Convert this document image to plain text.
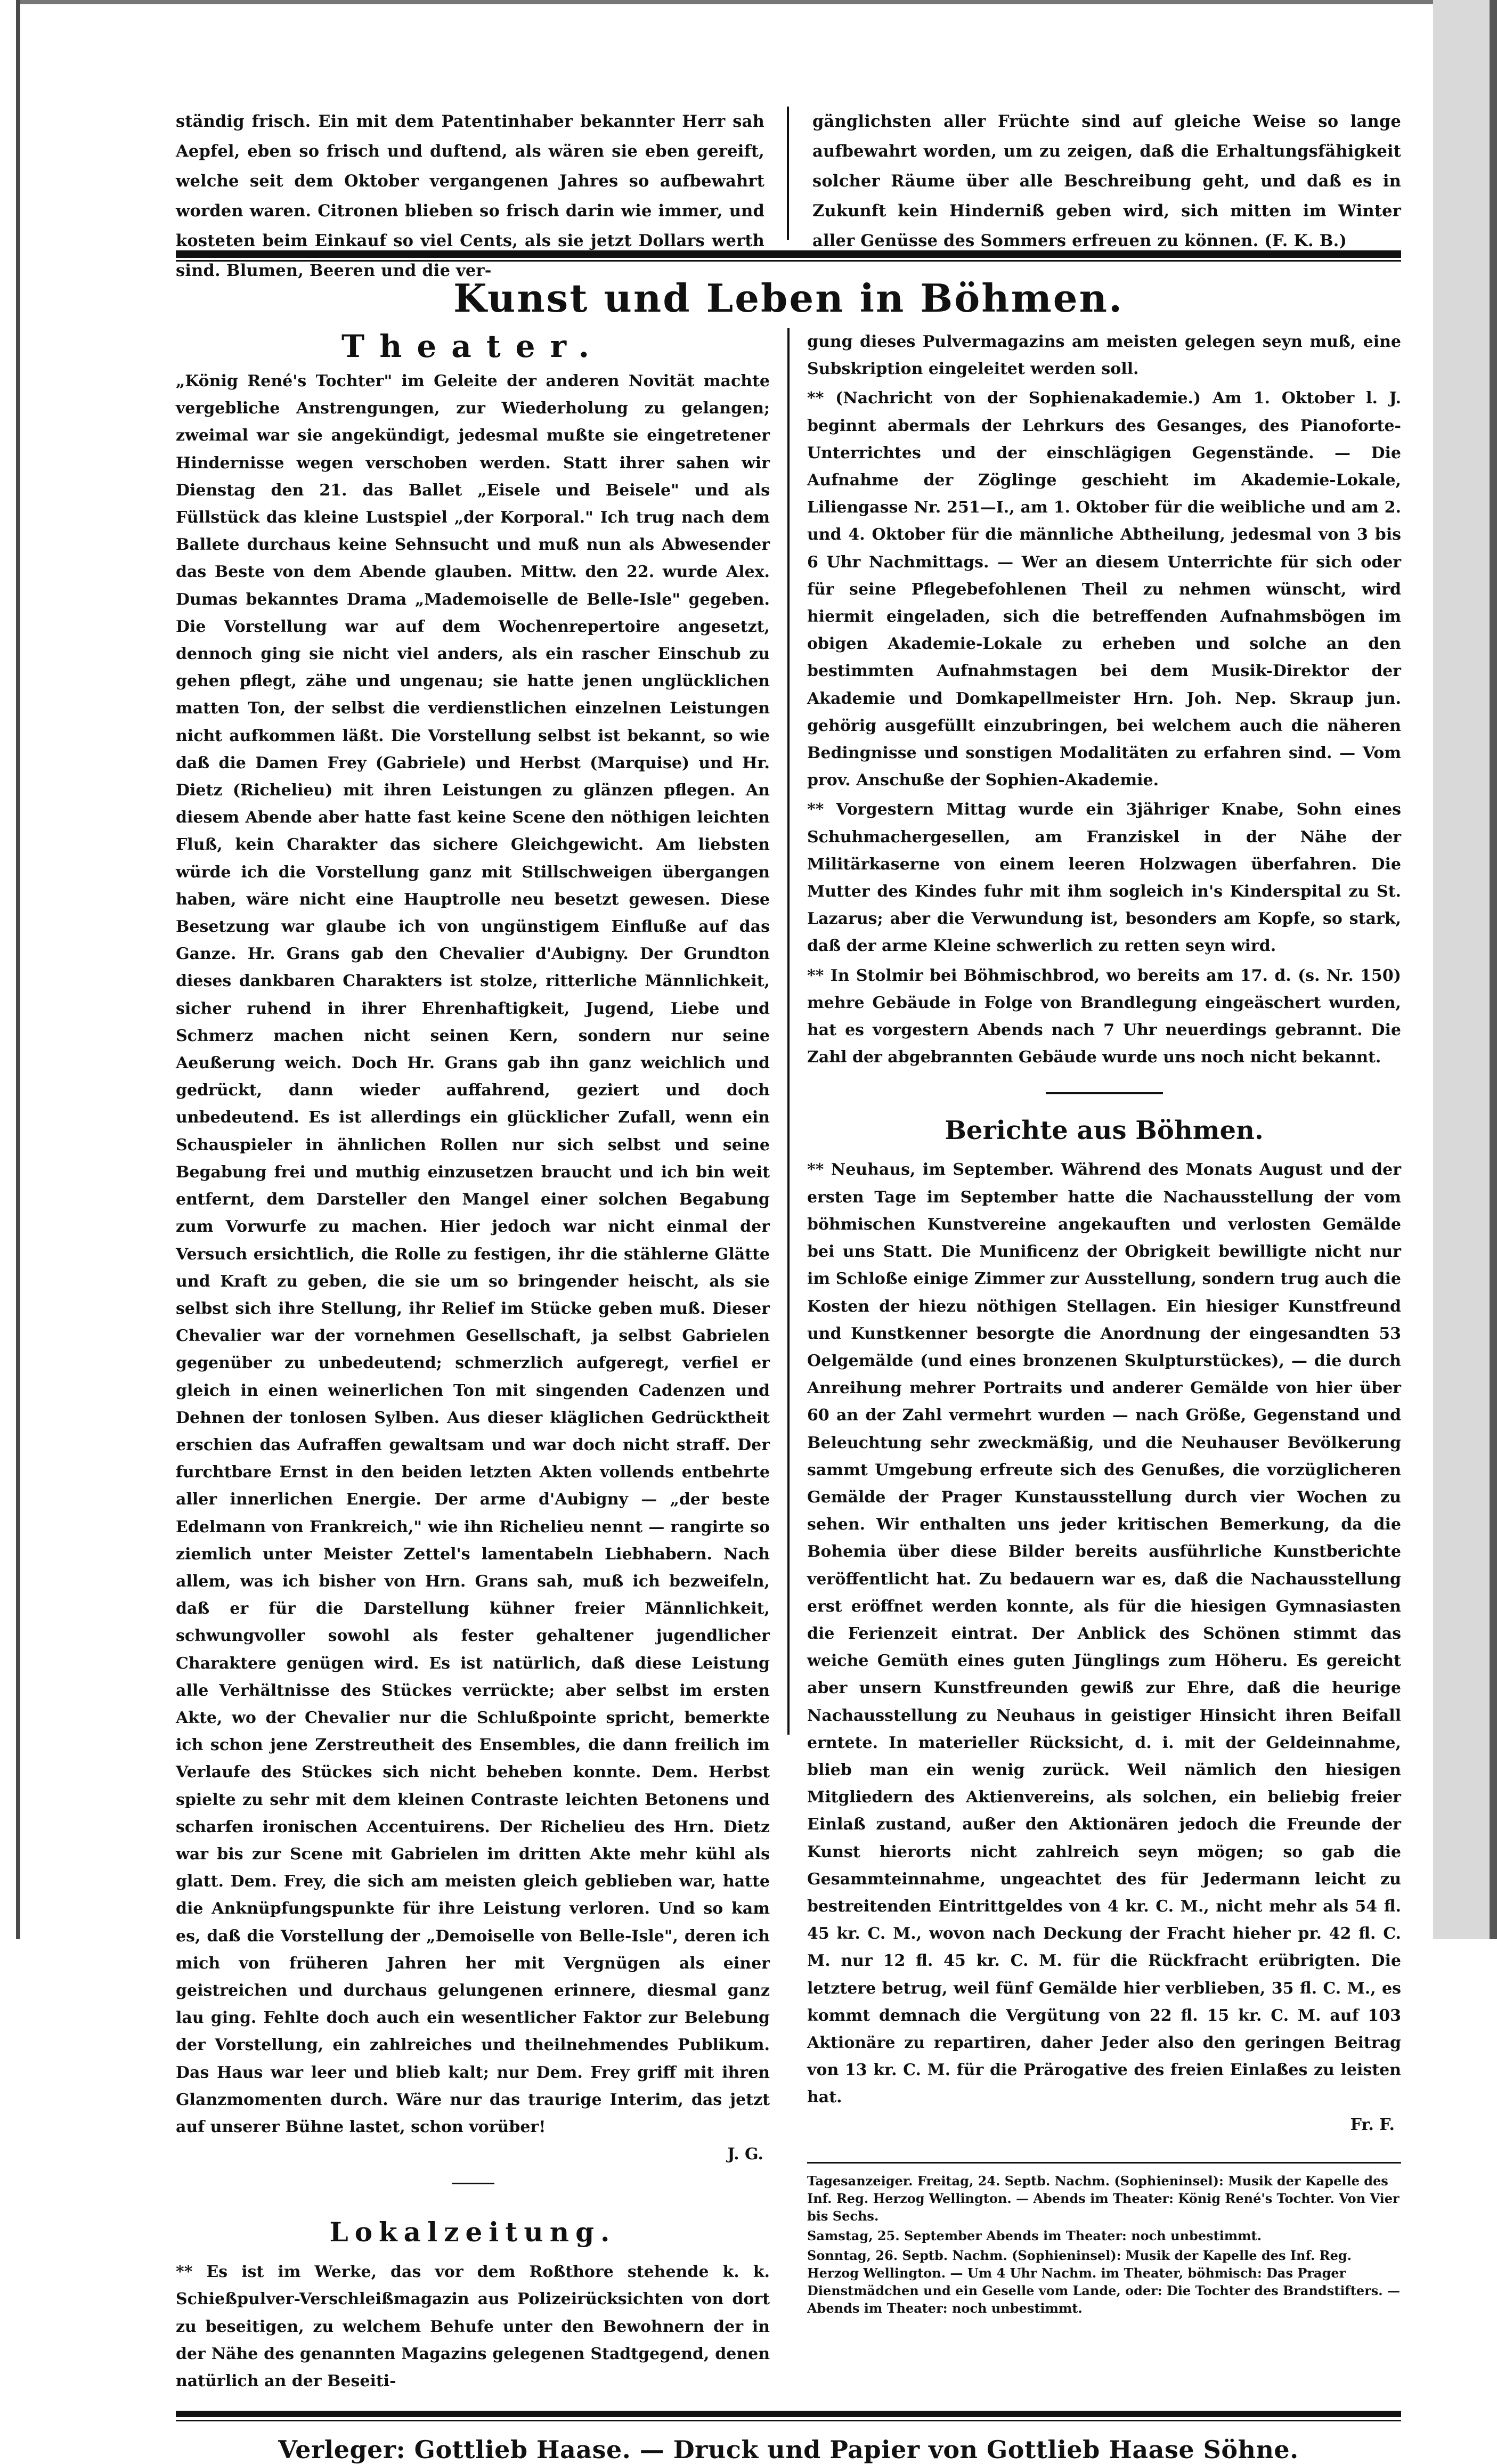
ständig frisch. Ein mit dem Patentinhaber bekannter Herr sah Aepfel, eben so frisch und duftend, als wären sie eben gereift, welche seit dem Oktober vergangenen Jahres so aufbewahrt worden waren. Citronen blieben so frisch darin wie immer, und kosteten beim Einkauf so viel Cents, als sie jetzt Dollars werth sind. Blumen, Beeren und die ver-
gänglichsten aller Früchte sind auf gleiche Weise so lange aufbewahrt worden, um zu zeigen, daß die Erhaltungsfähigkeit solcher Räume über alle Beschreibung geht, und daß es in Zukunft kein Hinderniß geben wird, sich mitten im Winter aller Genüsse des Sommers erfreuen zu können. (F. K. B.)
Kunst und Leben in Böhmen.
Theater.

„König René's Tochter" im Geleite der anderen Novität machte vergebliche Anstrengungen, zur Wiederholung zu gelangen; zweimal war sie angekündigt, jedesmal mußte sie eingetretener Hindernisse wegen verschoben werden. Statt ihrer sahen wir Dienstag den 21. das Ballet „Eisele und Beisele" und als Füllstück das kleine Lustspiel „der Korporal." Ich trug nach dem Ballete durchaus keine Sehnsucht und muß nun als Abwesender das Beste von dem Abende glauben. Mittw. den 22. wurde Alex. Dumas bekanntes Drama „Mademoiselle de Belle-Isle" gegeben. Die Vorstellung war auf dem Wochenrepertoire angesetzt, dennoch ging sie nicht viel anders, als ein rascher Einschub zu gehen pflegt, zähe und ungenau; sie hatte jenen unglücklichen matten Ton, der selbst die verdienstlichen einzelnen Leistungen nicht aufkommen läßt. Die Vorstellung selbst ist bekannt, so wie daß die Damen Frey (Gabriele) und Herbst (Marquise) und Hr. Dietz (Richelieu) mit ihren Leistungen zu glänzen pflegen. An diesem Abende aber hatte fast keine Scene den nöthigen leichten Fluß, kein Charakter das sichere Gleichgewicht. Am liebsten würde ich die Vorstellung ganz mit Stillschweigen übergangen haben, wäre nicht eine Hauptrolle neu besetzt gewesen. Diese Besetzung war glaube ich von ungünstigem Einfluße auf das Ganze. Hr. Grans gab den Chevalier d'Aubigny. Der Grundton dieses dankbaren Charakters ist stolze, ritterliche Männlichkeit, sicher ruhend in ihrer Ehrenhaftigkeit, Jugend, Liebe und Schmerz machen nicht seinen Kern, sondern nur seine Aeußerung weich. Doch Hr. Grans gab ihn ganz weichlich und gedrückt, dann wieder auffahrend, geziert und doch unbedeutend. Es ist allerdings ein glücklicher Zufall, wenn ein Schauspieler in ähnlichen Rollen nur sich selbst und seine Begabung frei und muthig einzusetzen braucht und ich bin weit entfernt, dem Darsteller den Mangel einer solchen Begabung zum Vorwurfe zu machen. Hier jedoch war nicht einmal der Versuch ersichtlich, die Rolle zu festigen, ihr die stählerne Glätte und Kraft zu geben, die sie um so bringender heischt, als sie selbst sich ihre Stellung, ihr Relief im Stücke geben muß. Dieser Chevalier war der vornehmen Gesellschaft, ja selbst Gabrielen gegenüber zu unbedeutend; schmerzlich aufgeregt, verfiel er gleich in einen weinerlichen Ton mit singenden Cadenzen und Dehnen der tonlosen Sylben. Aus dieser kläglichen Gedrücktheit erschien das Aufraffen gewaltsam und war doch nicht straff. Der furchtbare Ernst in den beiden letzten Akten vollends entbehrte aller innerlichen Energie. Der arme d'Aubigny — „der beste Edelmann von Frankreich," wie ihn Richelieu nennt — rangirte so ziemlich unter Meister Zettel's lamentabeln Liebhabern. Nach allem, was ich bisher von Hrn. Grans sah, muß ich bezweifeln, daß er für die Darstellung kühner freier Männlichkeit, schwungvoller sowohl als fester gehaltener jugendlicher Charaktere genügen wird. Es ist natürlich, daß diese Leistung alle Verhältnisse des Stückes verrückte; aber selbst im ersten Akte, wo der Chevalier nur die Schlußpointe spricht, bemerkte ich schon jene Zerstreutheit des Ensembles, die dann freilich im Verlaufe des Stückes sich nicht beheben konnte. Dem. Herbst spielte zu sehr mit dem kleinen Contraste leichten Betonens und scharfen ironischen Accentuirens. Der Richelieu des Hrn. Dietz war bis zur Scene mit Gabrielen im dritten Akte mehr kühl als glatt. Dem. Frey, die sich am meisten gleich geblieben war, hatte die Anknüpfungspunkte für ihre Leistung verloren. Und so kam es, daß die Vorstellung der „Demoiselle von Belle-Isle", deren ich mich von früheren Jahren her mit Vergnügen als einer geistreichen und durchaus gelungenen erinnere, diesmal ganz lau ging. Fehlte doch auch ein wesentlicher Faktor zur Belebung der Vorstellung, ein zahlreiches und theilnehmendes Publikum. Das Haus war leer und blieb kalt; nur Dem. Frey griff mit ihren Glanzmomenten durch. Wäre nur das traurige Interim, das jetzt auf unserer Bühne lastet, schon vorüber!

J. G.
Lokalzeitung.

** Es ist im Werke, das vor dem Roßthore stehende k. k. Schießpulver-Verschleißmagazin aus Polizeirücksichten von dort zu beseitigen, zu welchem Behufe unter den Bewohnern der in der Nähe des genannten Magazins gelegenen Stadtgegend, denen natürlich an der Beseiti-

gung dieses Pulvermagazins am meisten gelegen seyn muß, eine Subskription eingeleitet werden soll.

** (Nachricht von der Sophienakademie.) Am 1. Oktober l. J. beginnt abermals der Lehrkurs des Gesanges, des Pianoforte-Unterrichtes und der einschlägigen Gegenstände. — Die Aufnahme der Zöglinge geschieht im Akademie-Lokale, Liliengasse Nr. 251—I., am 1. Oktober für die weibliche und am 2. und 4. Oktober für die männliche Abtheilung, jedesmal von 3 bis 6 Uhr Nachmittags. — Wer an diesem Unterrichte für sich oder für seine Pflegebefohlenen Theil zu nehmen wünscht, wird hiermit eingeladen, sich die betreffenden Aufnahmsbögen im obigen Akademie-Lokale zu erheben und solche an den bestimmten Aufnahmstagen bei dem Musik-Direktor der Akademie und Domkapellmeister Hrn. Joh. Nep. Skraup jun. gehörig ausgefüllt einzubringen, bei welchem auch die näheren Bedingnisse und sonstigen Modalitäten zu erfahren sind. — Vom prov. Anschuße der Sophien-Akademie.

** Vorgestern Mittag wurde ein 3jähriger Knabe, Sohn eines Schuhmachergesellen, am Franziskel in der Nähe der Militärkaserne von einem leeren Holzwagen überfahren. Die Mutter des Kindes fuhr mit ihm sogleich in's Kinderspital zu St. Lazarus; aber die Verwundung ist, besonders am Kopfe, so stark, daß der arme Kleine schwerlich zu retten seyn wird.

** In Stolmir bei Böhmischbrod, wo bereits am 17. d. (s. Nr. 150) mehre Gebäude in Folge von Brandlegung eingeäschert wurden, hat es vorgestern Abends nach 7 Uhr neuerdings gebrannt. Die Zahl der abgebrannten Gebäude wurde uns noch nicht bekannt.

Berichte aus Böhmen.

** Neuhaus, im September. Während des Monats August und der ersten Tage im September hatte die Nachausstellung der vom böhmischen Kunstvereine angekauften und verlosten Gemälde bei uns Statt. Die Munificenz der Obrigkeit bewilligte nicht nur im Schloße einige Zimmer zur Ausstellung, sondern trug auch die Kosten der hiezu nöthigen Stellagen. Ein hiesiger Kunstfreund und Kunstkenner besorgte die Anordnung der eingesandten 53 Oelgemälde (und eines bronzenen Skulpturstückes), — die durch Anreihung mehrer Portraits und anderer Gemälde von hier über 60 an der Zahl vermehrt wurden — nach Größe, Gegenstand und Beleuchtung sehr zweckmäßig, und die Neuhauser Bevölkerung sammt Umgebung erfreute sich des Genußes, die vorzüglicheren Gemälde der Prager Kunstausstellung durch vier Wochen zu sehen. Wir enthalten uns jeder kritischen Bemerkung, da die Bohemia über diese Bilder bereits ausführliche Kunstberichte veröffentlicht hat. Zu bedauern war es, daß die Nachausstellung erst eröffnet werden konnte, als für die hiesigen Gymnasiasten die Ferienzeit eintrat. Der Anblick des Schönen stimmt das weiche Gemüth eines guten Jünglings zum Höheru. Es gereicht aber unsern Kunstfreunden gewiß zur Ehre, daß die heurige Nachausstellung zu Neuhaus in geistiger Hinsicht ihren Beifall erntete. In materieller Rücksicht, d. i. mit der Geldeinnahme, blieb man ein wenig zurück. Weil nämlich den hiesigen Mitgliedern des Aktienvereins, als solchen, ein beliebig freier Einlaß zustand, außer den Aktionären jedoch die Freunde der Kunst hierorts nicht zahlreich seyn mögen; so gab die Gesammteinnahme, ungeachtet des für Jedermann leicht zu bestreitenden Eintrittgeldes von 4 kr. C. M., nicht mehr als 54 fl. 45 kr. C. M., wovon nach Deckung der Fracht hieher pr. 42 fl. C. M. nur 12 fl. 45 kr. C. M. für die Rückfracht erübrigten. Die letztere betrug, weil fünf Gemälde hier verblieben, 35 fl. C. M., es kommt demnach die Vergütung von 22 fl. 15 kr. C. M. auf 103 Aktionäre zu repartiren, daher Jeder also den geringen Beitrag von 13 kr. C. M. für die Prärogative des freien Einlaßes zu leisten hat.

Fr. F.

Tagesanzeiger. Freitag, 24. Septb. Nachm. (Sophieninsel): Musik der Kapelle des Inf. Reg. Herzog Wellington. — Abends im Theater: König René's Tochter. Von Vier bis Sechs.

Samstag, 25. September Abends im Theater: noch unbestimmt.

Sonntag, 26. Septb. Nachm. (Sophieninsel): Musik der Kapelle des Inf. Reg. Herzog Wellington. — Um 4 Uhr Nachm. im Theater, böhmisch: Das Prager Dienstmädchen und ein Geselle vom Lande, oder: Die Tochter des Brandstifters. — Abends im Theater: noch unbestimmt.

Verleger: Gottlieb Haase. — Druck und Papier von Gottlieb Haase Söhne.
